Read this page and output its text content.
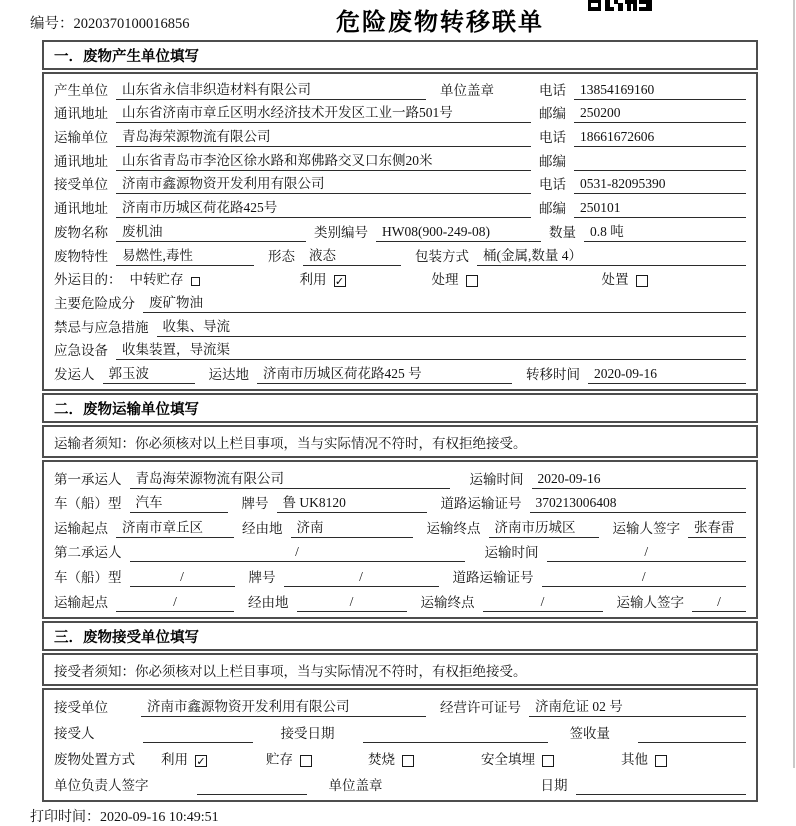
编号：2020370100016856	危险废物转移联单
一．废物产生单位填写
产生单位	山东省永信非织造材料有限公司	单位盖章	电话	13854169160
通讯地址	山东省济南市章丘区明水经济技术开发区工业一路501号	邮编	250200
运输单位	青岛海荣源物流有限公司	电话	18661672606
通讯地址	山东省青岛市李沧区徐水路和郑佛路交叉口东侧20米	邮编
接受单位	济南市鑫源物资开发利用有限公司	电话	0531-82095390
通讯地址	济南市历城区荷花路425号	邮编	250101
废物名称	废机油	类别编号	HW08(900-249-08)	数量	0.8 吨
废物特性	易燃性,毒性	形态	液态	包装方式	桶(金属,数量 4）
外运目的： 中转贮存	利用 ✓	处理	处置
主要危险成分	废矿物油
禁忌与应急措施	收集、导流
应急设备	收集装置，导流渠
发运人	郭玉波	运达地	济南市历城区荷花路425 号	转移时间	2020-09-16
二．废物运输单位填写
运输者须知：你必须核对以上栏目事项，当与实际情况不符时，有权拒绝接受。
第一承运人	青岛海荣源物流有限公司	运输时间	2020-09-16
车（船）型	汽车	牌号	鲁 UK8120	道路运输证号	370213006408
运输起点	济南市章丘区	经由地	济南	运输终点	济南市历城区	运输人签字	张春雷
第二承运人	/	运输时间	/
车（船）型	/	牌号	/	道路运输证号	/
运输起点	/	经由地	/	运输终点	/	运输人签字	/
三．废物接受单位填写
接受者须知：你必须核对以上栏目事项，当与实际情况不符时，有权拒绝接受。
接受单位	济南市鑫源物资开发利用有限公司	经营许可证号	济南危证 02 号
接受人	接受日期	签收量
废物处置方式 利用 ✓	贮存	焚烧	安全填埋	其他
单位负责人签字	单位盖章	日期
打印时间：2020-09-16 10:49:51
